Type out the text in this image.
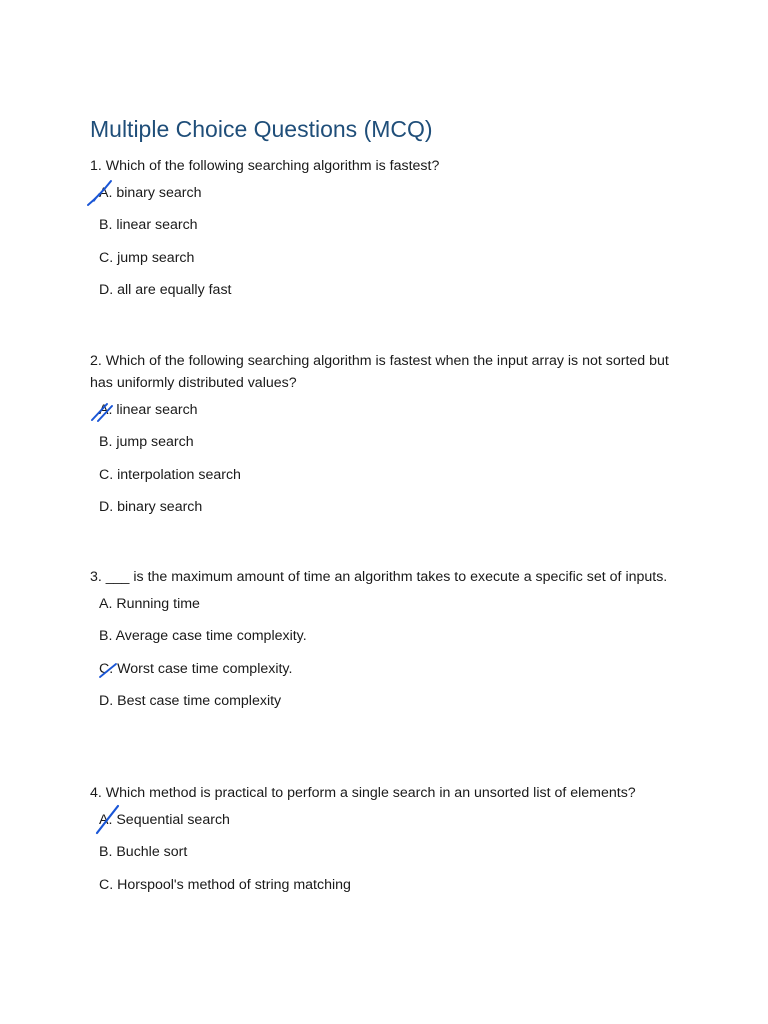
Multiple Choice Questions (MCQ)

1. Which of the following searching algorithm is fastest?

A. binary search
B. linear search
C. jump search
D. all are equally fast

2. Which of the following searching algorithm is fastest when the input array is not sorted but has uniformly distributed values?

A. linear search
B. jump search
C. interpolation search
D. binary search

3. ___ is the maximum amount of time an algorithm takes to execute a specific set of inputs.

A. Running time
B. Average case time complexity.
C. Worst case time complexity.
D. Best case time complexity

4. Which method is practical to perform a single search in an unsorted list of elements?

A. Sequential search
B. Buchle sort
C. Horspool's method of string matching
